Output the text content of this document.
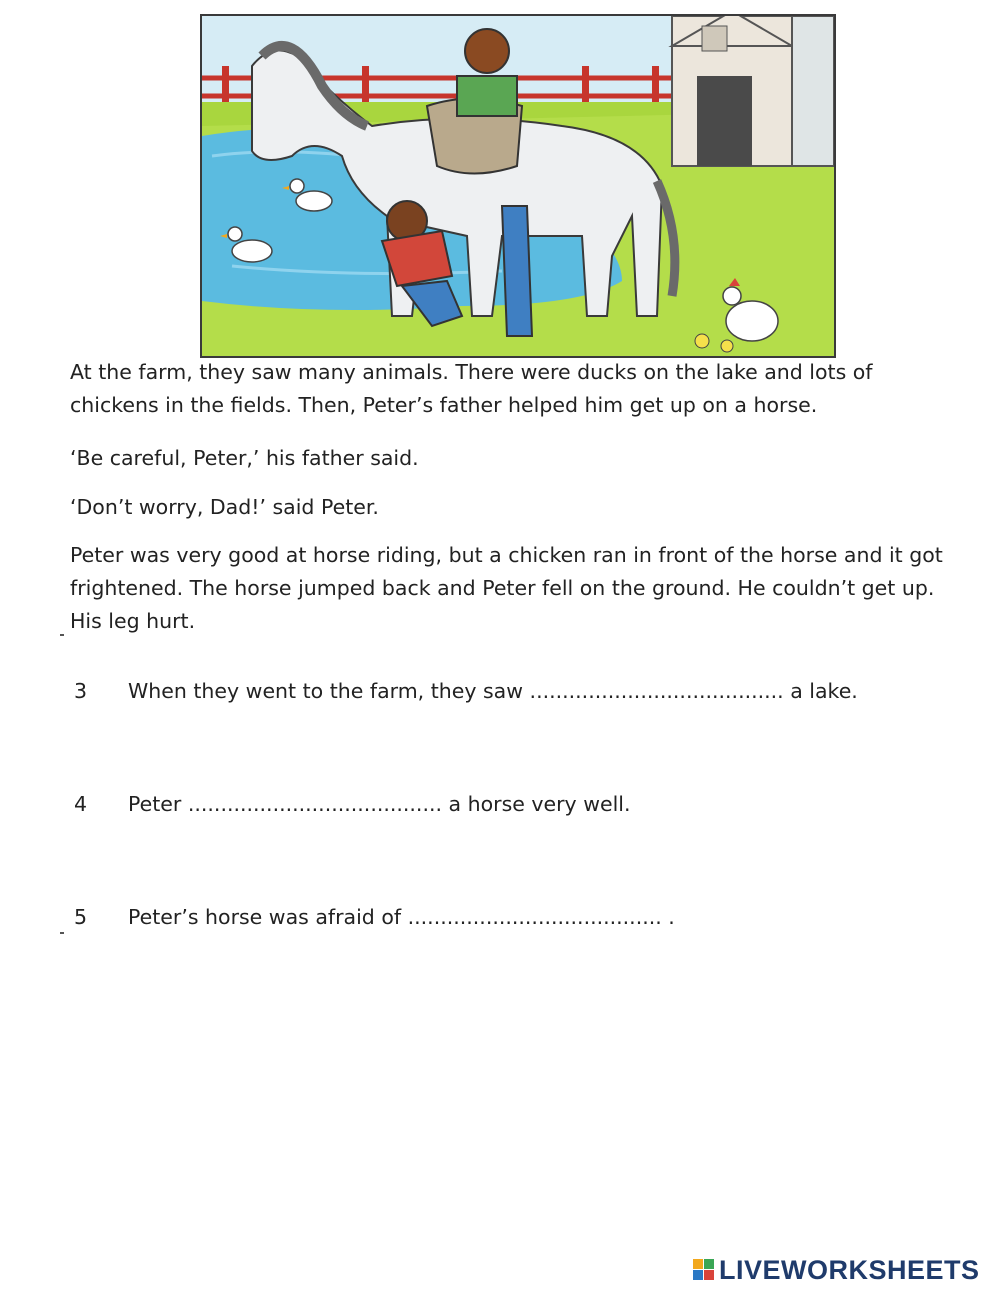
At the farm, they saw many animals. There were ducks on the lake and lots of chickens in the fields. Then, Peter’s father helped him get up on a horse.

‘Be careful, Peter,’ his father said.

‘Don’t worry, Dad!’ said Peter.

Peter was very good at horse riding, but a chicken ran in front of the horse and it got frightened. The horse jumped back and Peter fell on the ground. He couldn’t get up. His leg hurt.

3 When they went to the farm, they saw ....................................... a lake.
4 Peter ....................................... a horse very well.
5 Peter’s horse was afraid of ....................................... .
LIVEWORKSHEETS
